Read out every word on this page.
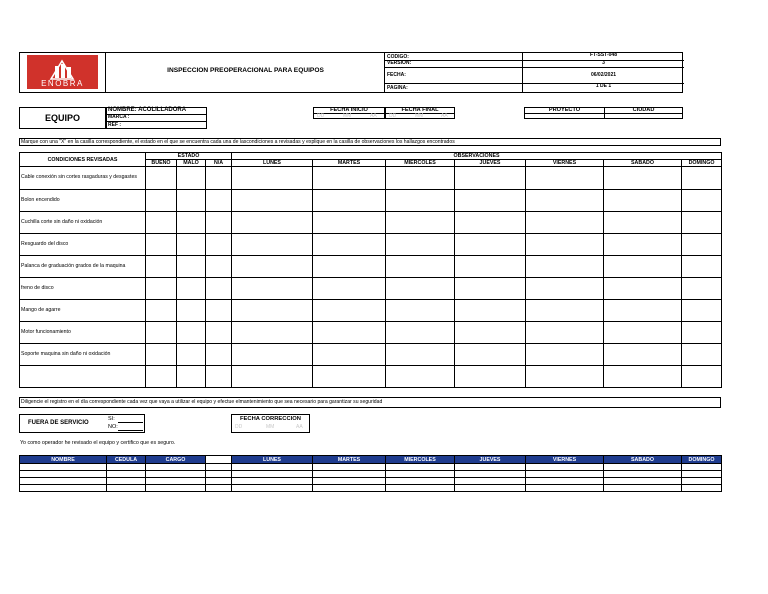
ENOBRA
INSPECCION PREOPERACIONAL PARA EQUIPOS
CODIGO:	FT-SST-048
VERSION:	3
FECHA:	06/02/2021
PAGINA:	1 DE 1
EQUIPO
NOMBRE: ACOLILLADORA
MARCA :
REF :
FECHA INICIO
DD	MM	AA
FECHA FINAL
DD	MM	AA
PROYECTO	CIUDAD
Marque con una "X" en la casilla correspondiente, el estado en el que se encuentra cada una de lascondiciones a revisadas y explique en la casilla de observaciones los hallazgos encontrados
CONDICIONES REVISADAS	ESTADO			OBSERVACIONES						
	BUENO	MALO	N/A	LUNES	MARTES	MIERCOLES	JUEVES	VIERNES	SABADO	DOMINGO
Cable conexión sin cortes rasgaduras y desgastes										
Bolon encendido										
Cuchilla corte sin daño ni oxidación										
Resguardo del disco										
Palanca de graduación grados de la maquina										
freno de disco										
Mango de agarre										
Motor funcionamiento										
Soporte maquina sin daño ni oxidación										

Diligencie el registro en el día correspondiente cada vez que vaya a utilizar el equipo y efectue elmantenimiento que sea necesario para garantizar su seguridad
FUERA DE SERVICIO
SI:
NO:
FECHA CORRECCION
DD	MM	AA
Yo como operador he revisado el equipo y certifico que es seguro.
NOMBRE	CEDULA	CARGO		LUNES	MARTES	MIERCOLES	JUEVES	VIERNES	SABADO	DOMINGO
